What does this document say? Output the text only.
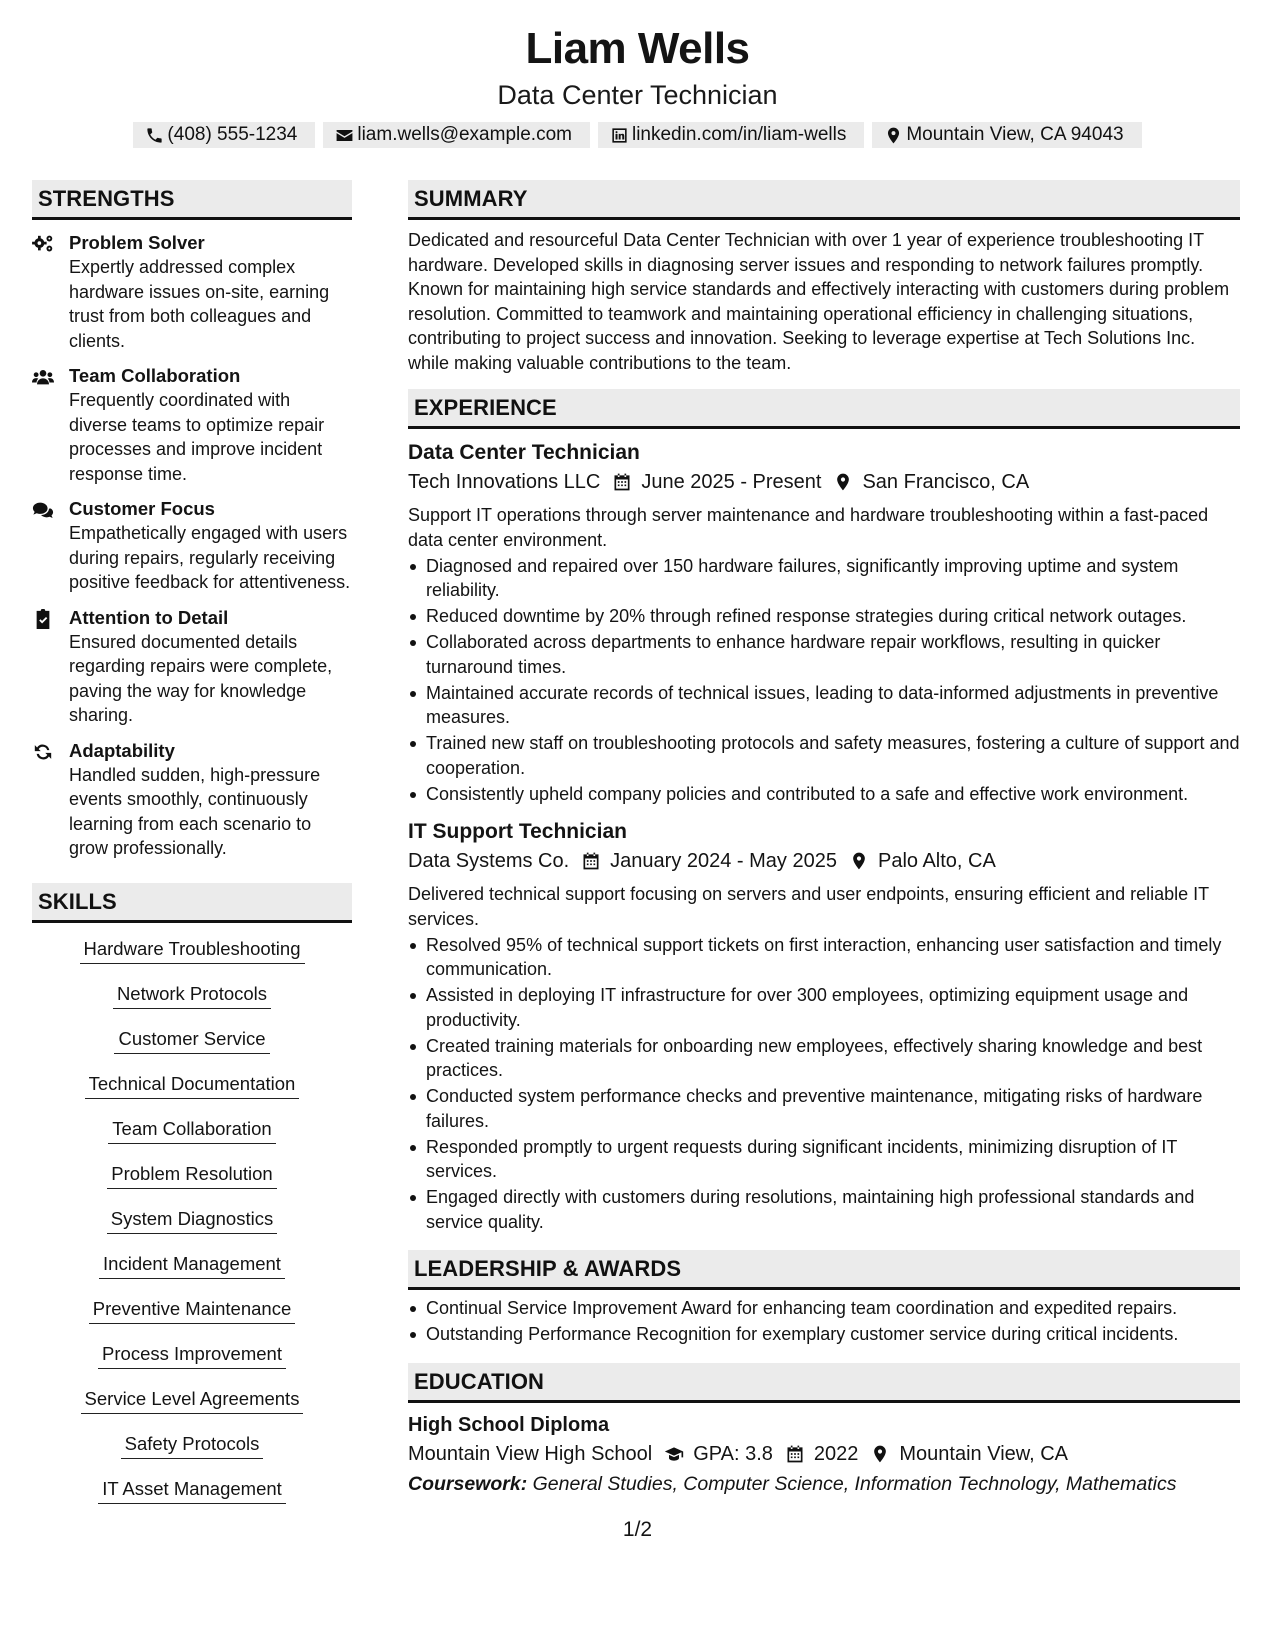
Liam Wells
Data Center Technician
(408) 555-1234	liam.wells@example.com	linkedin.com/in/liam-wells	Mountain View, CA 94043
STRENGTHS
Problem Solver
Expertly addressed complex hardware issues on-site, earning trust from both colleagues and clients.
Team Collaboration
Frequently coordinated with diverse teams to optimize repair processes and improve incident response time.
Customer Focus
Empathetically engaged with users during repairs, regularly receiving positive feedback for attentiveness.
Attention to Detail
Ensured documented details regarding repairs were complete, paving the way for knowledge sharing.
Adaptability
Handled sudden, high-pressure events smoothly, continuously learning from each scenario to grow professionally.
SKILLS
Hardware Troubleshooting
Network Protocols
Customer Service
Technical Documentation
Team Collaboration
Problem Resolution
System Diagnostics
Incident Management
Preventive Maintenance
Process Improvement
Service Level Agreements
Safety Protocols
IT Asset Management
SUMMARY
Dedicated and resourceful Data Center Technician with over 1 year of experience troubleshooting IT hardware. Developed skills in diagnosing server issues and responding to network failures promptly. Known for maintaining high service standards and effectively interacting with customers during problem resolution. Committed to teamwork and maintaining operational efficiency in challenging situations, contributing to project success and innovation. Seeking to leverage expertise at Tech Solutions Inc. while making valuable contributions to the team.
EXPERIENCE
Data Center Technician
Tech Innovations LLC June 2025 - Present San Francisco, CA
Support IT operations through server maintenance and hardware troubleshooting within a fast-paced data center environment.
Diagnosed and repaired over 150 hardware failures, significantly improving uptime and system reliability.
Reduced downtime by 20% through refined response strategies during critical network outages.
Collaborated across departments to enhance hardware repair workflows, resulting in quicker turnaround times.
Maintained accurate records of technical issues, leading to data-informed adjustments in preventive measures.
Trained new staff on troubleshooting protocols and safety measures, fostering a culture of support and cooperation.
Consistently upheld company policies and contributed to a safe and effective work environment.
IT Support Technician
Data Systems Co. January 2024 - May 2025 Palo Alto, CA
Delivered technical support focusing on servers and user endpoints, ensuring efficient and reliable IT services.
Resolved 95% of technical support tickets on first interaction, enhancing user satisfaction and timely communication.
Assisted in deploying IT infrastructure for over 300 employees, optimizing equipment usage and productivity.
Created training materials for onboarding new employees, effectively sharing knowledge and best practices.
Conducted system performance checks and preventive maintenance, mitigating risks of hardware failures.
Responded promptly to urgent requests during significant incidents, minimizing disruption of IT services.
Engaged directly with customers during resolutions, maintaining high professional standards and service quality.
LEADERSHIP & AWARDS
Continual Service Improvement Award for enhancing team coordination and expedited repairs.
Outstanding Performance Recognition for exemplary customer service during critical incidents.
EDUCATION
High School Diploma
Mountain View High School GPA: 3.8 2022 Mountain View, CA
Coursework: General Studies, Computer Science, Information Technology, Mathematics
1/2
